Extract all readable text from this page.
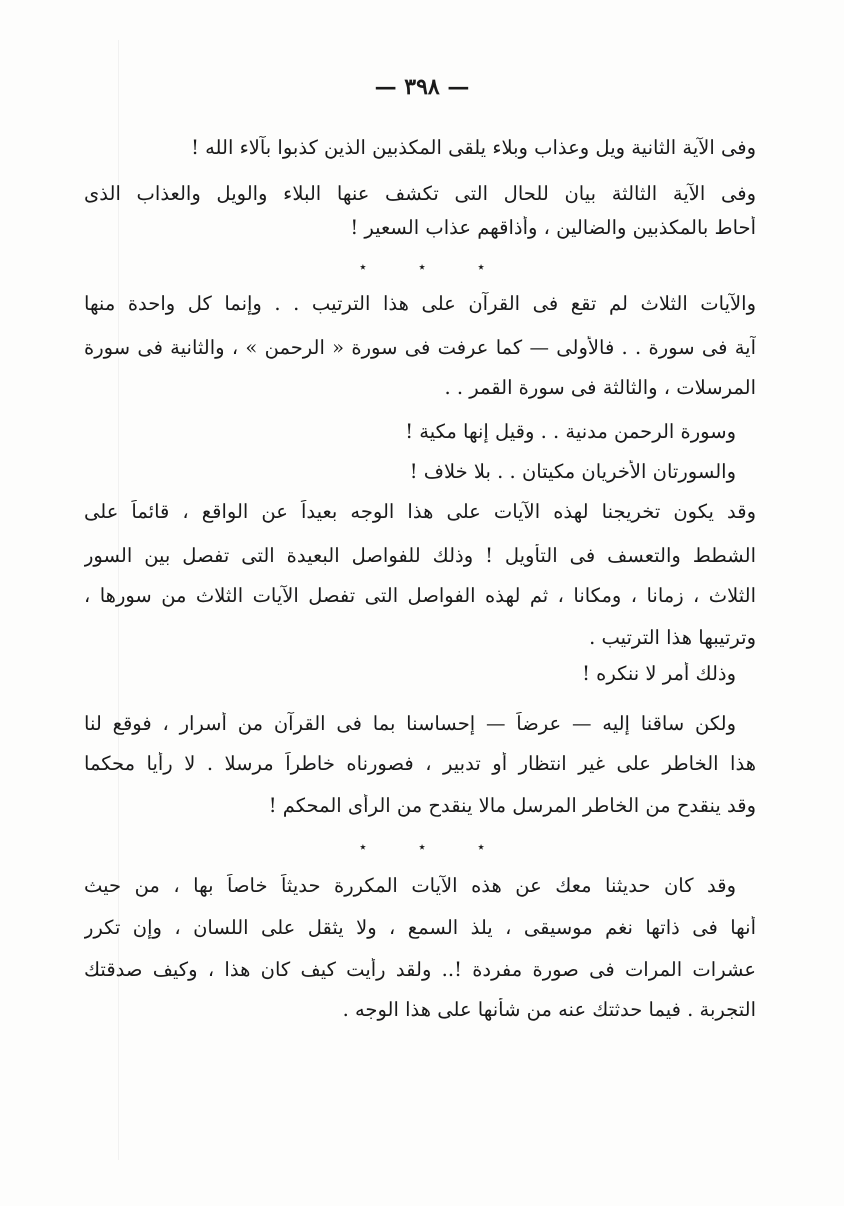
— ٣٩٨ —
وفى الآية الثانية ويل وعذاب وبلاء يلقى المكذبين الذين كذبوا بآلاء الله !
وفى الآية الثالثة بيان للحال التى تكشف عنها البلاء والويل والعذاب الذى
أحاط بالمكذبين والضالين ، وأذاقهم عذاب السعير !
٭	٭	٭
والآيات الثلاث لم تقع فى القرآن على هذا الترتيب . . وإنما كل واحدة منها
آية فى سورة . . فالأولى — كما عرفت فى سورة « الرحمن » ، والثانية فى سورة
المرسلات ، والثالثة فى سورة القمر . .
وسورة الرحمن مدنية . . وقيل إنها مكية !
والسورتان الأخريان مكيتان . . بلا خلاف !
وقد يكون تخريجنا لهذه الآيات على هذا الوجه بعيداً عن الواقع ، قائماً على
الشطط والتعسف فى التأويل ! وذلك للفواصل البعيدة التى تفصل بين السور
الثلاث ، زمانا ، ومكانا ، ثم لهذه الفواصل التى تفصل الآيات الثلاث من سورها ،
وترتيبها هذا الترتيب .
وذلك أمر لا ننكره !
ولكن ساقنا إليه — عرضاً — إحساسنا بما فى القرآن من أسرار ، فوقع لنا
هذا الخاطر على غير انتظار أو تدبير ، فصورناه خاطراً مرسلا . لا رأيا محكما
وقد ينقدح من الخاطر المرسل مالا ينقدح من الرأى المحكم !
٭	٭	٭
وقد كان حديثنا معك عن هذه الآيات المكررة حديثاً خاصاً بها ، من حيث
أنها فى ذاتها نغم موسيقى ، يلذ السمع ، ولا يثقل على اللسان ، وإن تكرر
عشرات المرات فى صورة مفردة !.. ولقد رأيت كيف كان هذا ، وكيف صدقتك
التجربة . فيما حدثتك عنه من شأنها على هذا الوجه .
